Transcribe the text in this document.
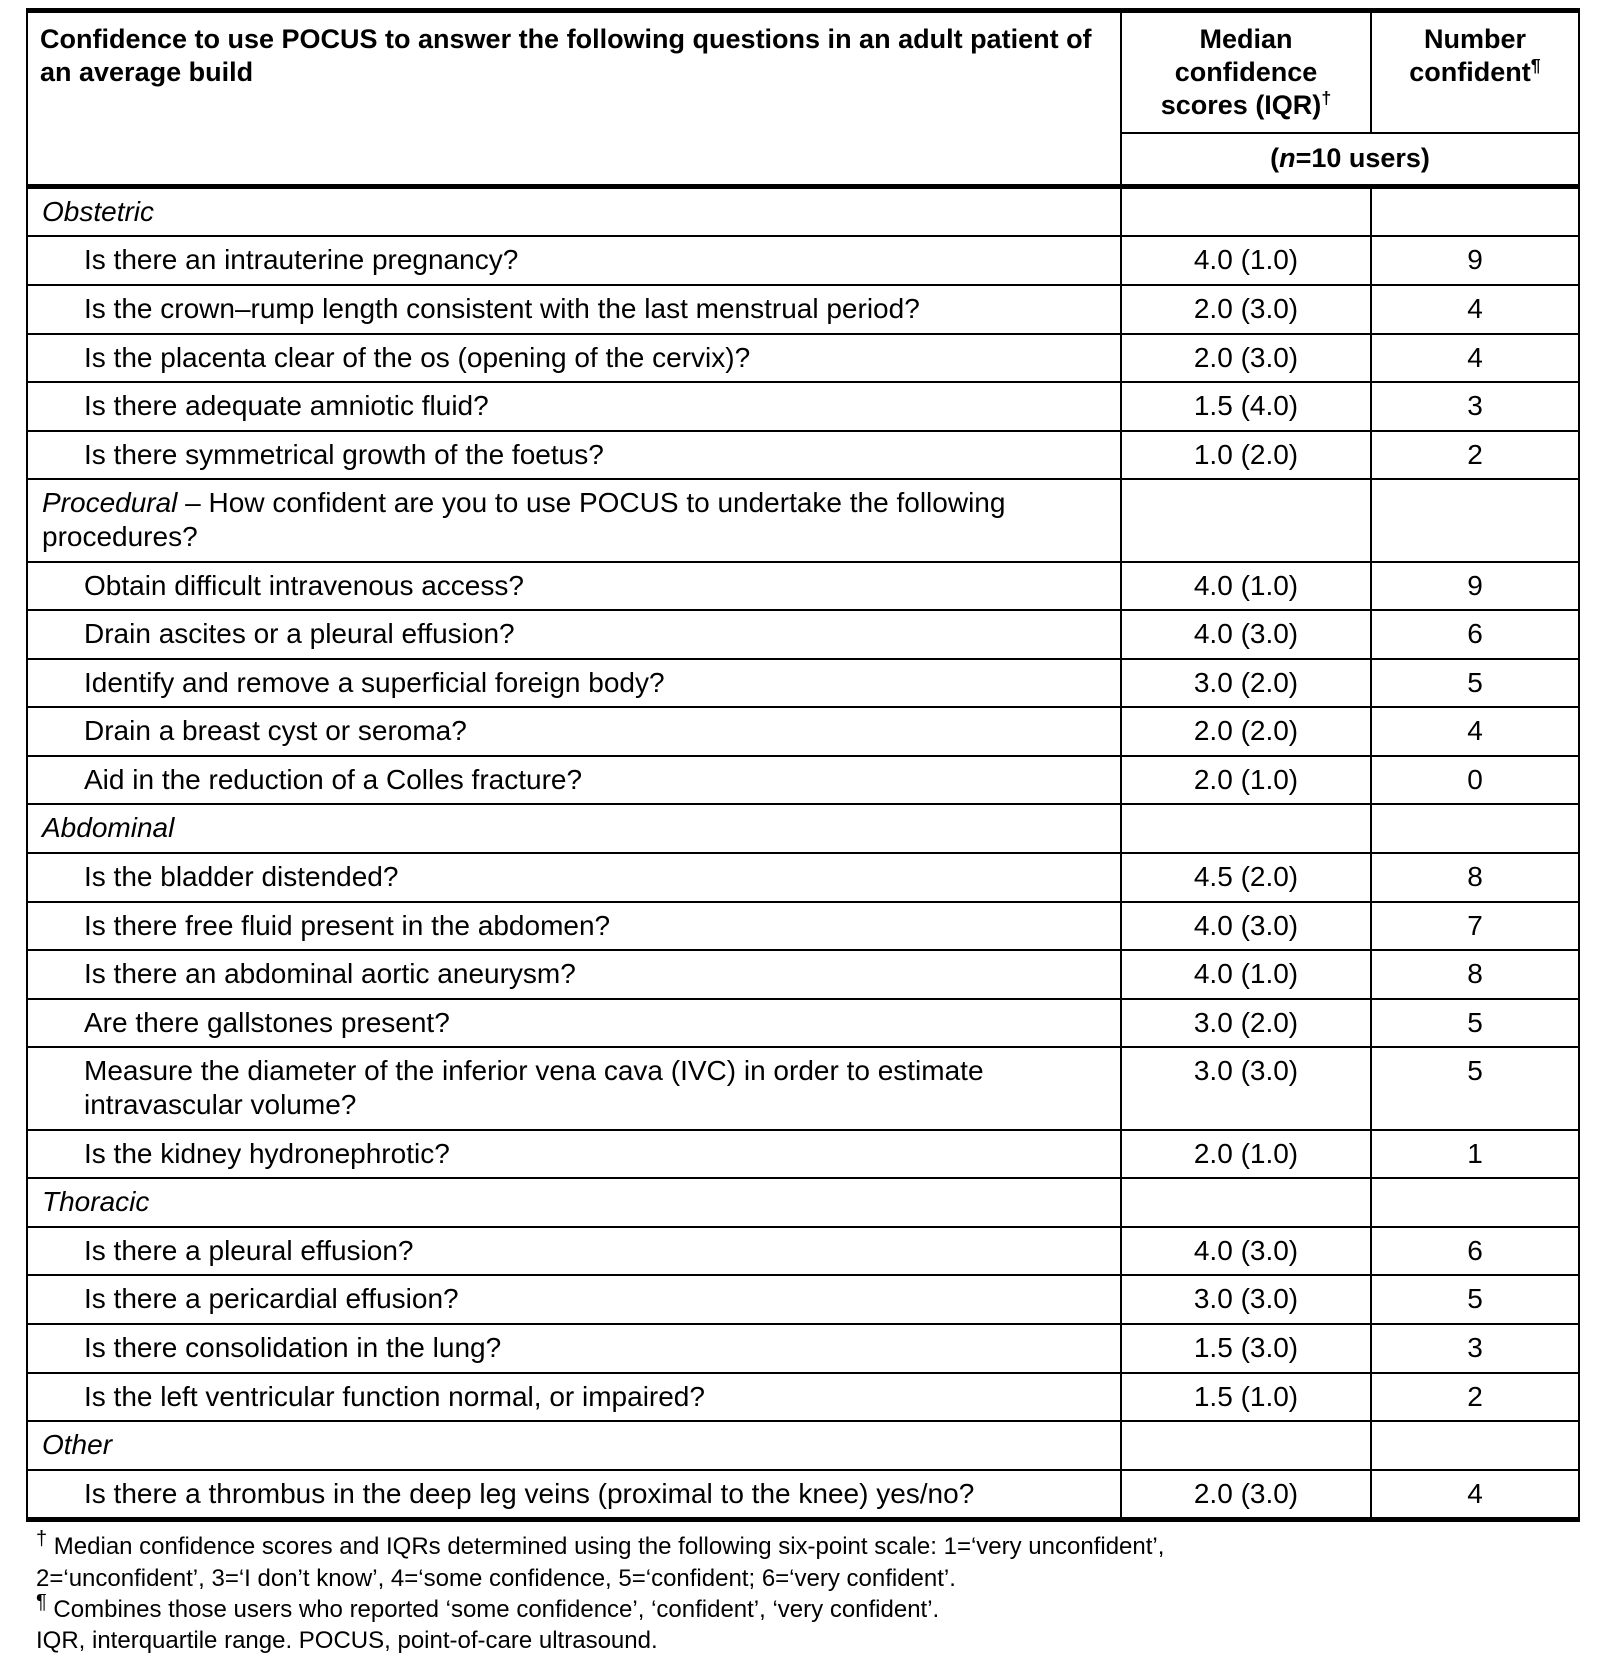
Confidence to use POCUS to answer the following questions in an adult patient of an average build	Median confidence scores (IQR)†	Number confident¶
	(n=10 users)	
Obstetric		
Is there an intrauterine pregnancy?	4.0 (1.0)	9
Is the crown–rump length consistent with the last menstrual period?	2.0 (3.0)	4
Is the placenta clear of the os (opening of the cervix)?	2.0 (3.0)	4
Is there adequate amniotic fluid?	1.5 (4.0)	3
Is there symmetrical growth of the foetus?	1.0 (2.0)	2
Procedural – How confident are you to use POCUS to undertake the following procedures?		
Obtain difficult intravenous access?	4.0 (1.0)	9
Drain ascites or a pleural effusion?	4.0 (3.0)	6
Identify and remove a superficial foreign body?	3.0 (2.0)	5
Drain a breast cyst or seroma?	2.0 (2.0)	4
Aid in the reduction of a Colles fracture?	2.0 (1.0)	0
Abdominal		
Is the bladder distended?	4.5 (2.0)	8
Is there free fluid present in the abdomen?	4.0 (3.0)	7
Is there an abdominal aortic aneurysm?	4.0 (1.0)	8
Are there gallstones present?	3.0 (2.0)	5
Measure the diameter of the inferior vena cava (IVC) in order to estimate intravascular volume?	3.0 (3.0)	5
Is the kidney hydronephrotic?	2.0 (1.0)	1
Thoracic		
Is there a pleural effusion?	4.0 (3.0)	6
Is there a pericardial effusion?	3.0 (3.0)	5
Is there consolidation in the lung?	1.5 (3.0)	3
Is the left ventricular function normal, or impaired?	1.5 (1.0)	2
Other		
Is there a thrombus in the deep leg veins (proximal to the knee) yes/no?	2.0 (3.0)	4
† Median confidence scores and IQRs determined using the following six-point scale: 1=‘very unconfident’,
2=‘unconfident’, 3=‘I don’t know’, 4=‘some confidence, 5=‘confident; 6=‘very confident’.
¶ Combines those users who reported ‘some confidence’, ‘confident’, ‘very confident’.
IQR, interquartile range. POCUS, point-of-care ultrasound.
